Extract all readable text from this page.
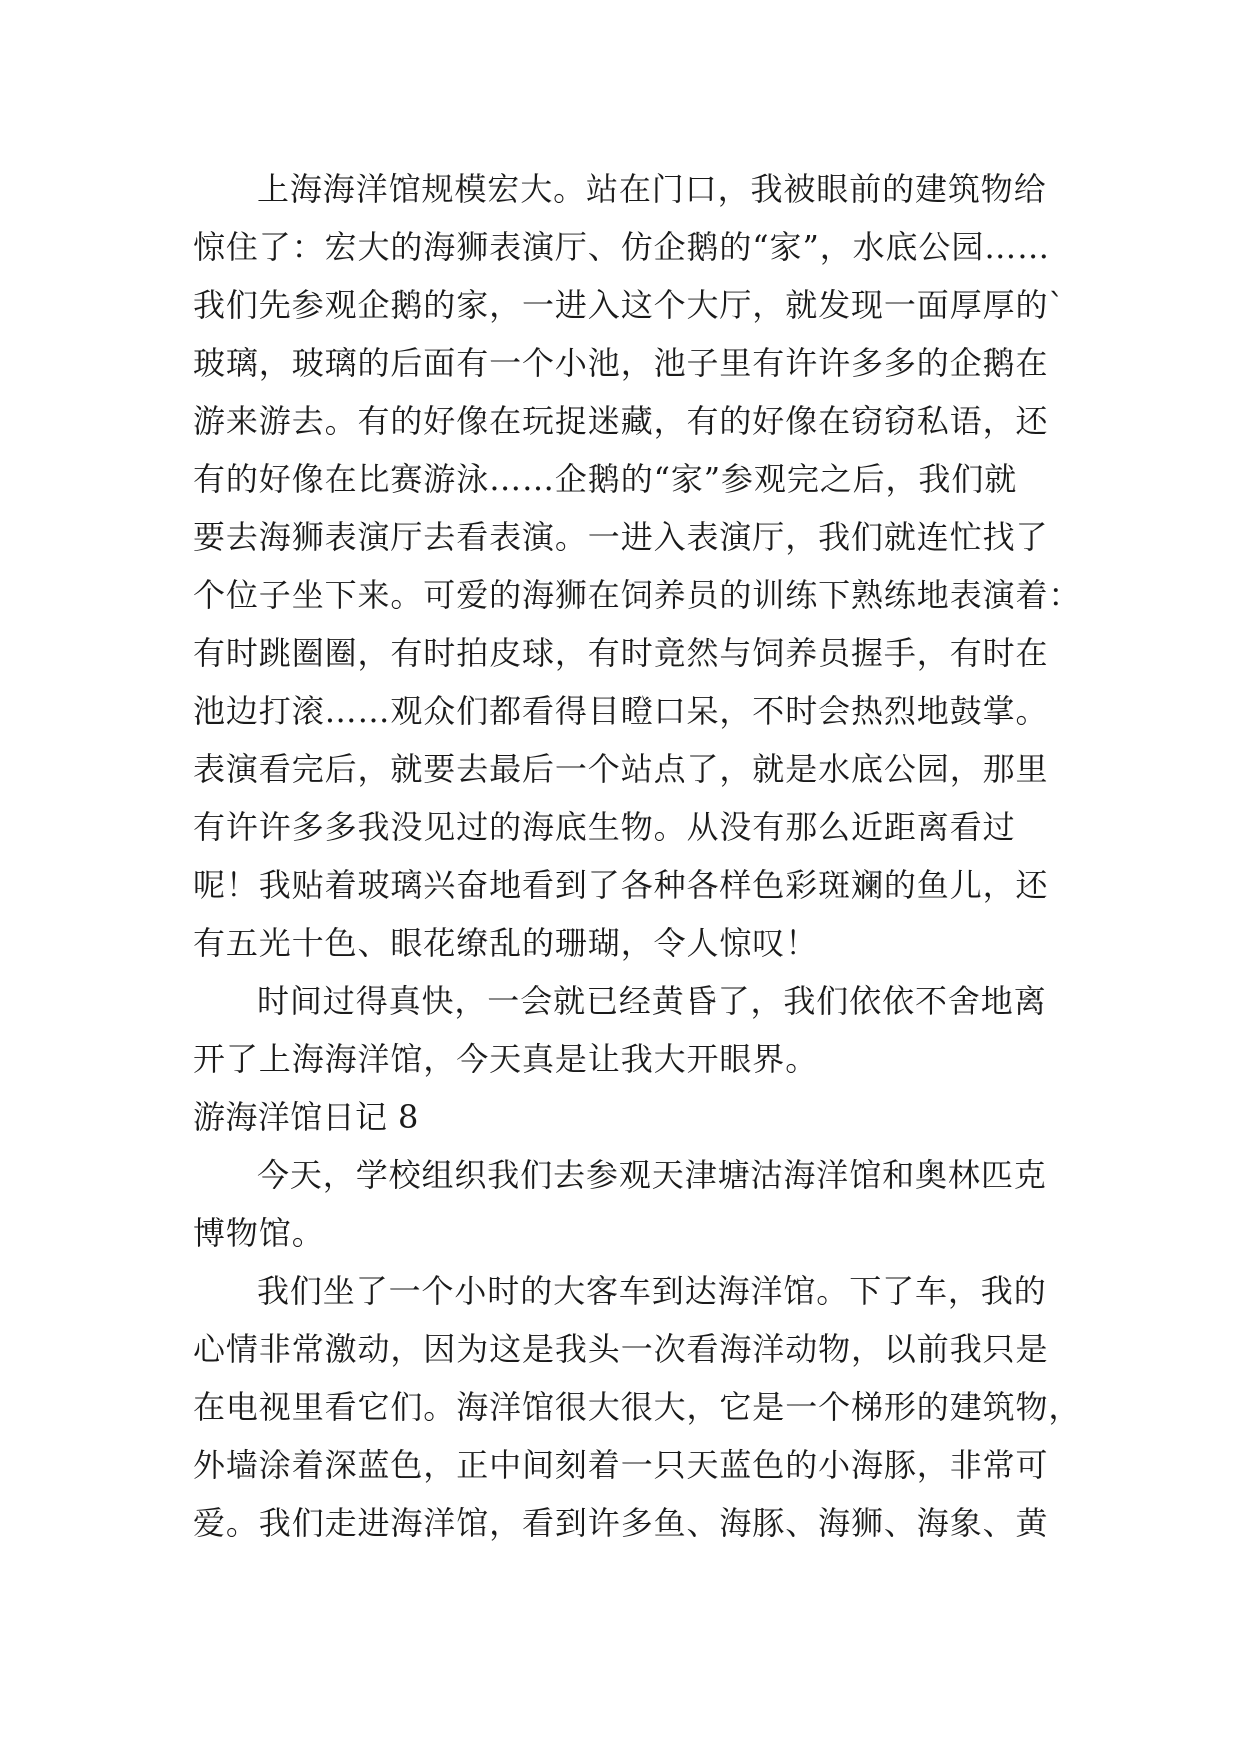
上海海洋馆规模宏大。站在门口，我被眼前的建筑物给
惊住了：宏大的海狮表演厅、仿企鹅的“家”，水底公园……
我们先参观企鹅的家，一进入这个大厅，就发现一面厚厚的`
玻璃，玻璃的后面有一个小池，池子里有许许多多的企鹅在
游来游去。有的好像在玩捉迷藏，有的好像在窃窃私语，还
有的好像在比赛游泳……企鹅的“家”参观完之后，我们就
要去海狮表演厅去看表演。一进入表演厅，我们就连忙找了
个位子坐下来。可爱的海狮在饲养员的训练下熟练地表演着：
有时跳圈圈，有时拍皮球，有时竟然与饲养员握手，有时在
池边打滚……观众们都看得目瞪口呆，不时会热烈地鼓掌。
表演看完后，就要去最后一个站点了，就是水底公园，那里
有许许多多我没见过的海底生物。从没有那么近距离看过
呢！我贴着玻璃兴奋地看到了各种各样色彩斑斓的鱼儿，还
有五光十色、眼花缭乱的珊瑚，令人惊叹！
时间过得真快，一会就已经黄昏了，我们依依不舍地离
开了上海海洋馆，今天真是让我大开眼界。
游海洋馆日记 8
今天，学校组织我们去参观天津塘沽海洋馆和奥林匹克
博物馆。
我们坐了一个小时的大客车到达海洋馆。下了车，我的
心情非常激动，因为这是我头一次看海洋动物，以前我只是
在电视里看它们。海洋馆很大很大，它是一个梯形的建筑物，
外墙涂着深蓝色，正中间刻着一只天蓝色的小海豚，非常可
爱。我们走进海洋馆，看到许多鱼、海豚、海狮、海象、黄
